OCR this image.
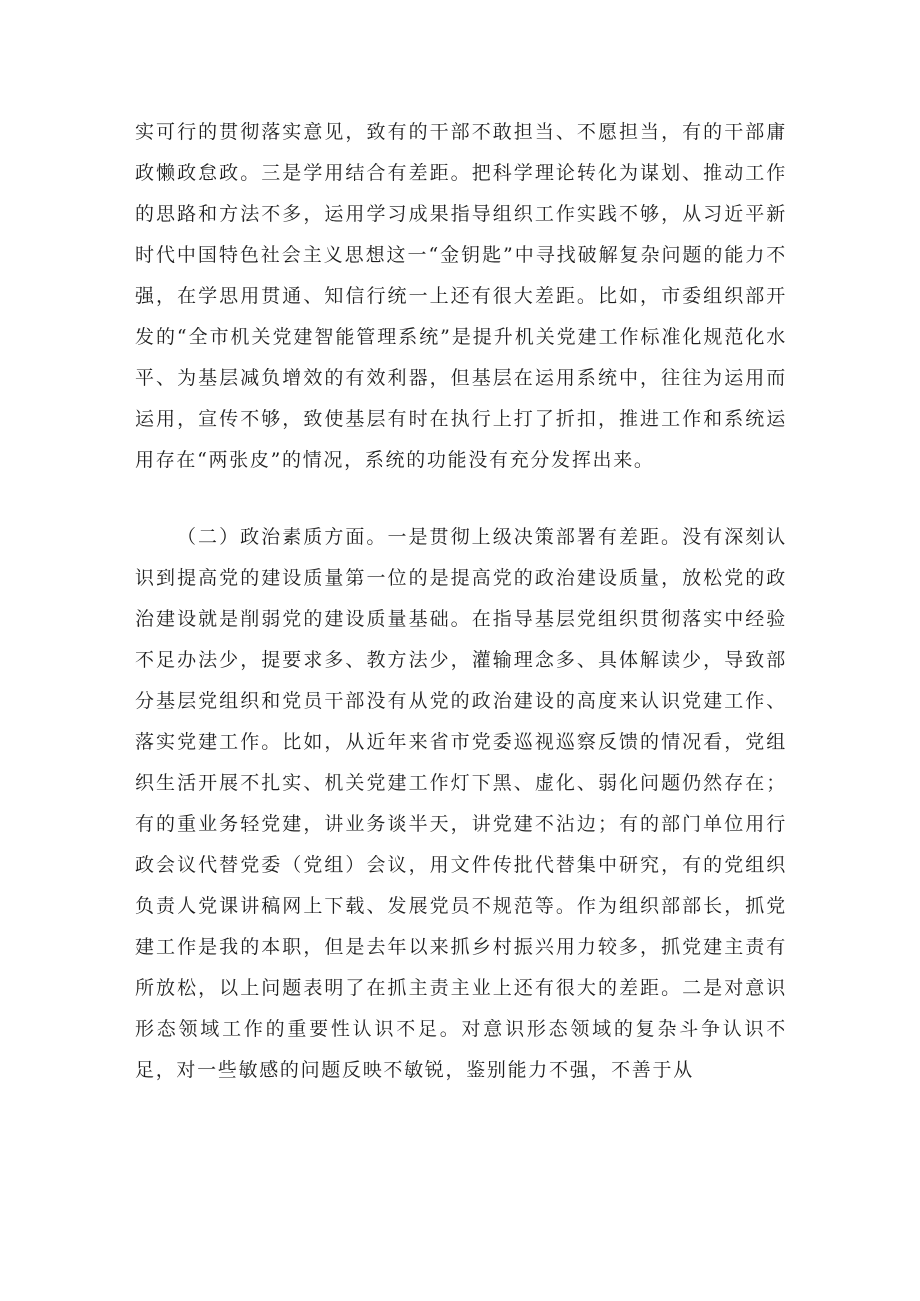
实可行的贯彻落实意见，致有的干部不敢担当、不愿担当，有的干部庸政懒政怠政。三是学用结合有差距。把科学理论转化为谋划、推动工作的思路和方法不多，运用学习成果指导组织工作实践不够，从习近平新时代中国特色社会主义思想这一“金钥匙”中寻找破解复杂问题的能力不强，在学思用贯通、知信行统一上还有很大差距。比如，市委组织部开发的“全市机关党建智能管理系统”是提升机关党建工作标准化规范化水平、为基层减负增效的有效利器，但基层在运用系统中，往往为运用而运用，宣传不够，致使基层有时在执行上打了折扣，推进工作和系统运用存在“两张皮”的情况，系统的功能没有充分发挥出来。

（二）政治素质方面。一是贯彻上级决策部署有差距。没有深刻认识到提高党的建设质量第一位的是提高党的政治建设质量，放松党的政治建设就是削弱党的建设质量基础。在指导基层党组织贯彻落实中经验不足办法少，提要求多、教方法少，灌输理念多、具体解读少，导致部分基层党组织和党员干部没有从党的政治建设的高度来认识党建工作、落实党建工作。比如，从近年来省市党委巡视巡察反馈的情况看，党组织生活开展不扎实、机关党建工作灯下黑、虚化、弱化问题仍然存在；有的重业务轻党建，讲业务谈半天，讲党建不沾边；有的部门单位用行政会议代替党委（党组）会议，用文件传批代替集中研究，有的党组织负责人党课讲稿网上下载、发展党员不规范等。作为组织部部长，抓党建工作是我的本职，但是去年以来抓乡村振兴用力较多，抓党建主责有所放松，以上问题表明了在抓主责主业上还有很大的差距。二是对意识形态领域工作的重要性认识不足。对意识形态领域的复杂斗争认识不足，对一些敏感的问题反映不敏锐，鉴别能力不强，不善于从
